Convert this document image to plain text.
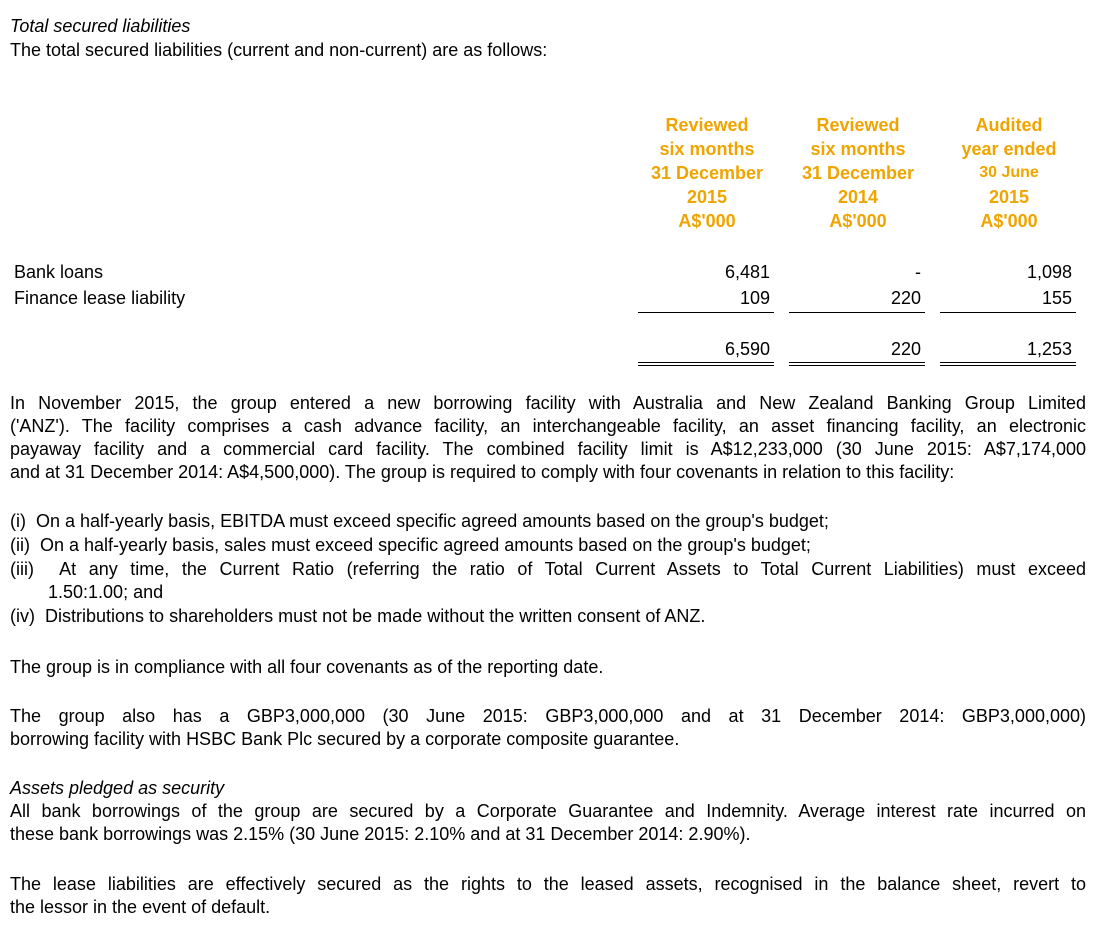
Total secured liabilities
The total secured liabilities (current and non-current) are as follows:
Reviewed
six months
31 December
2015
A$'000
Reviewed
six months
31 December
2014
A$'000
Audited
year ended
30 June
2015
A$'000
Bank loans	6,481	-	1,098
Finance lease liability	109	220	155
6,590	220	1,253
In November 2015, the group entered a new borrowing facility with Australia and New Zealand Banking Group Limited
('ANZ'). The facility comprises a cash advance facility, an interchangeable facility, an asset financing facility, an electronic
payaway facility and a commercial card facility. The combined facility limit is A$12,233,000 (30 June 2015: A$7,174,000
and at 31 December 2014: A$4,500,000). The group is required to comply with four covenants in relation to this facility:
(i) On a half-yearly basis, EBITDA must exceed specific agreed amounts based on the group's budget;
(ii) On a half-yearly basis, sales must exceed specific agreed amounts based on the group's budget;
(iii) At any time, the Current Ratio (referring the ratio of Total Current Assets to Total Current Liabilities) must exceed
1.50:1.00; and
(iv) Distributions to shareholders must not be made without the written consent of ANZ.
The group is in compliance with all four covenants as of the reporting date.
The group also has a GBP3,000,000 (30 June 2015: GBP3,000,000 and at 31 December 2014: GBP3,000,000)
borrowing facility with HSBC Bank Plc secured by a corporate composite guarantee.
Assets pledged as security
All bank borrowings of the group are secured by a Corporate Guarantee and Indemnity. Average interest rate incurred on
these bank borrowings was 2.15% (30 June 2015: 2.10% and at 31 December 2014: 2.90%).
The lease liabilities are effectively secured as the rights to the leased assets, recognised in the balance sheet, revert to
the lessor in the event of default.
